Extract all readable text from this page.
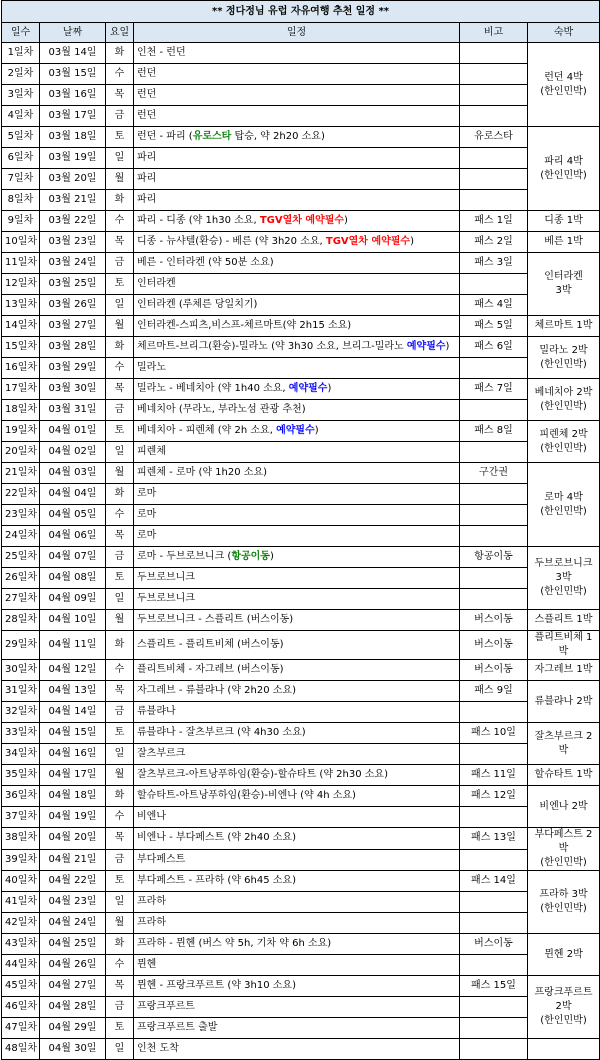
** 정다정님 유럽 자유여행 추천 일정 **					
일수	날짜	요일	일정	비고	숙박
1일차	03월 14일	화	인천 - 런던		런던 4박
(한인민박)

2일차	03월 15일	수	런던		
3일차	03월 16일	목	런던		
4일차	03월 17일	금	런던		
5일차	03월 18일	토	런던 - 파리 (유로스타 탑승, 약 2h20 소요)	유로스타	파리 4박
(한인민박)

6일차	03월 19일	일	파리		
7일차	03월 20일	월	파리		
8일차	03월 21일	화	파리		
9일차	03월 22일	수	파리 - 디종 (약 1h30 소요, TGV열차 예약필수)	패스 1일	디종 1박

10일차	03월 23일	목	디종 - 뉴샤텔(환승) - 베른 (약 3h20 소요, TGV열차 예약필수)	패스 2일	베른 1박

11일차	03월 24일	금	베른 - 인터라켄 (약 50분 소요)	패스 3일	인터라켄
3박

12일차	03월 25일	토	인터라켄		
13일차	03월 26일	일	인터라켄 (루체른 당일치기)	패스 4일	
14일차	03월 27일	월	인터라켄-스피츠,비스프-체르마트(약 2h15 소요)	패스 5일	체르마트 1박

15일차	03월 28일	화	체르마트-브리그(환승)-밀라노 (약 3h30 소요, 브리그-밀라노 예약필수)	패스 6일	밀라노 2박
(한인민박)

16일차	03월 29일	수	밀라노		
17일차	03월 30일	목	밀라노 - 베네치아 (약 1h40 소요, 예약필수)	패스 7일	베네치아 2박
(한인민박)

18일차	03월 31일	금	베네치아 (무라노, 부라노섬 관광 추천)		
19일차	04월 01일	토	베네치아 - 피렌체 (약 2h 소요, 예약필수)	패스 8일	피렌체 2박
(한인민박)

20일차	04월 02일	일	피렌체		
21일차	04월 03일	월	피렌체 - 로마 (약 1h20 소요)	구간권	로마 4박
(한인민박)

22일차	04월 04일	화	로마		
23일차	04월 05일	수	로마		
24일차	04월 06일	목	로마		
25일차	04월 07일	금	로마 - 두브로브니크 (항공이동)	항공이동	두브로브니크
3박
(한인민박)

26일차	04월 08일	토	두브로브니크		
27일차	04월 09일	일	두브로브니크		
28일차	04월 10일	월	두브로브니크 - 스플리트 (버스이동)	버스이동	스플리트 1박

29일차	04월 11일	화	스플리트 - 플리트비체 (버스이동)	버스이동	플리트비체 1박

30일차	04월 12일	수	플리트비체 - 자그레브 (버스이동)	버스이동	자그레브 1박

31일차	04월 13일	목	자그레브 - 류블랴나 (약 2h20 소요)	패스 9일	류블랴나 2박

32일차	04월 14일	금	류블랴나		
33일차	04월 15일	토	류블랴나 - 잘츠부르크 (약 4h30 소요)	패스 10일	잘츠부르크 2박

34일차	04월 16일	일	잘츠부르크		
35일차	04월 17일	월	잘츠부르크-아트낭푸하임(환승)-할슈타트 (약 2h30 소요)	패스 11일	할슈타트 1박

36일차	04월 18일	화	할슈타트-아트낭푸하임(환승)-비엔나 (약 4h 소요)	패스 12일	비엔나 2박

37일차	04월 19일	수	비엔나		
38일차	04월 20일	목	비엔나 - 부다페스트 (약 2h40 소요)	패스 13일	부다페스트 2박
(한인민박)

39일차	04월 21일	금	부다페스트		
40일차	04월 22일	토	부다페스트 - 프라하 (약 6h45 소요)	패스 14일	프라하 3박
(한인민박)

41일차	04월 23일	일	프라하		
42일차	04월 24일	월	프라하		
43일차	04월 25일	화	프라하 - 뮌헨 (버스 약 5h, 기차 약 6h 소요)	버스이동	뮌헨 2박

44일차	04월 26일	수	뮌헨		
45일차	04월 27일	목	뮌헨 - 프랑크푸르트 (약 3h10 소요)	패스 15일	프랑크푸르트
2박
(한인민박)

46일차	04월 28일	금	프랑크푸르트		
47일차	04월 29일	토	프랑크푸르트 출발		
48일차	04월 30일	일	인천 도착		
